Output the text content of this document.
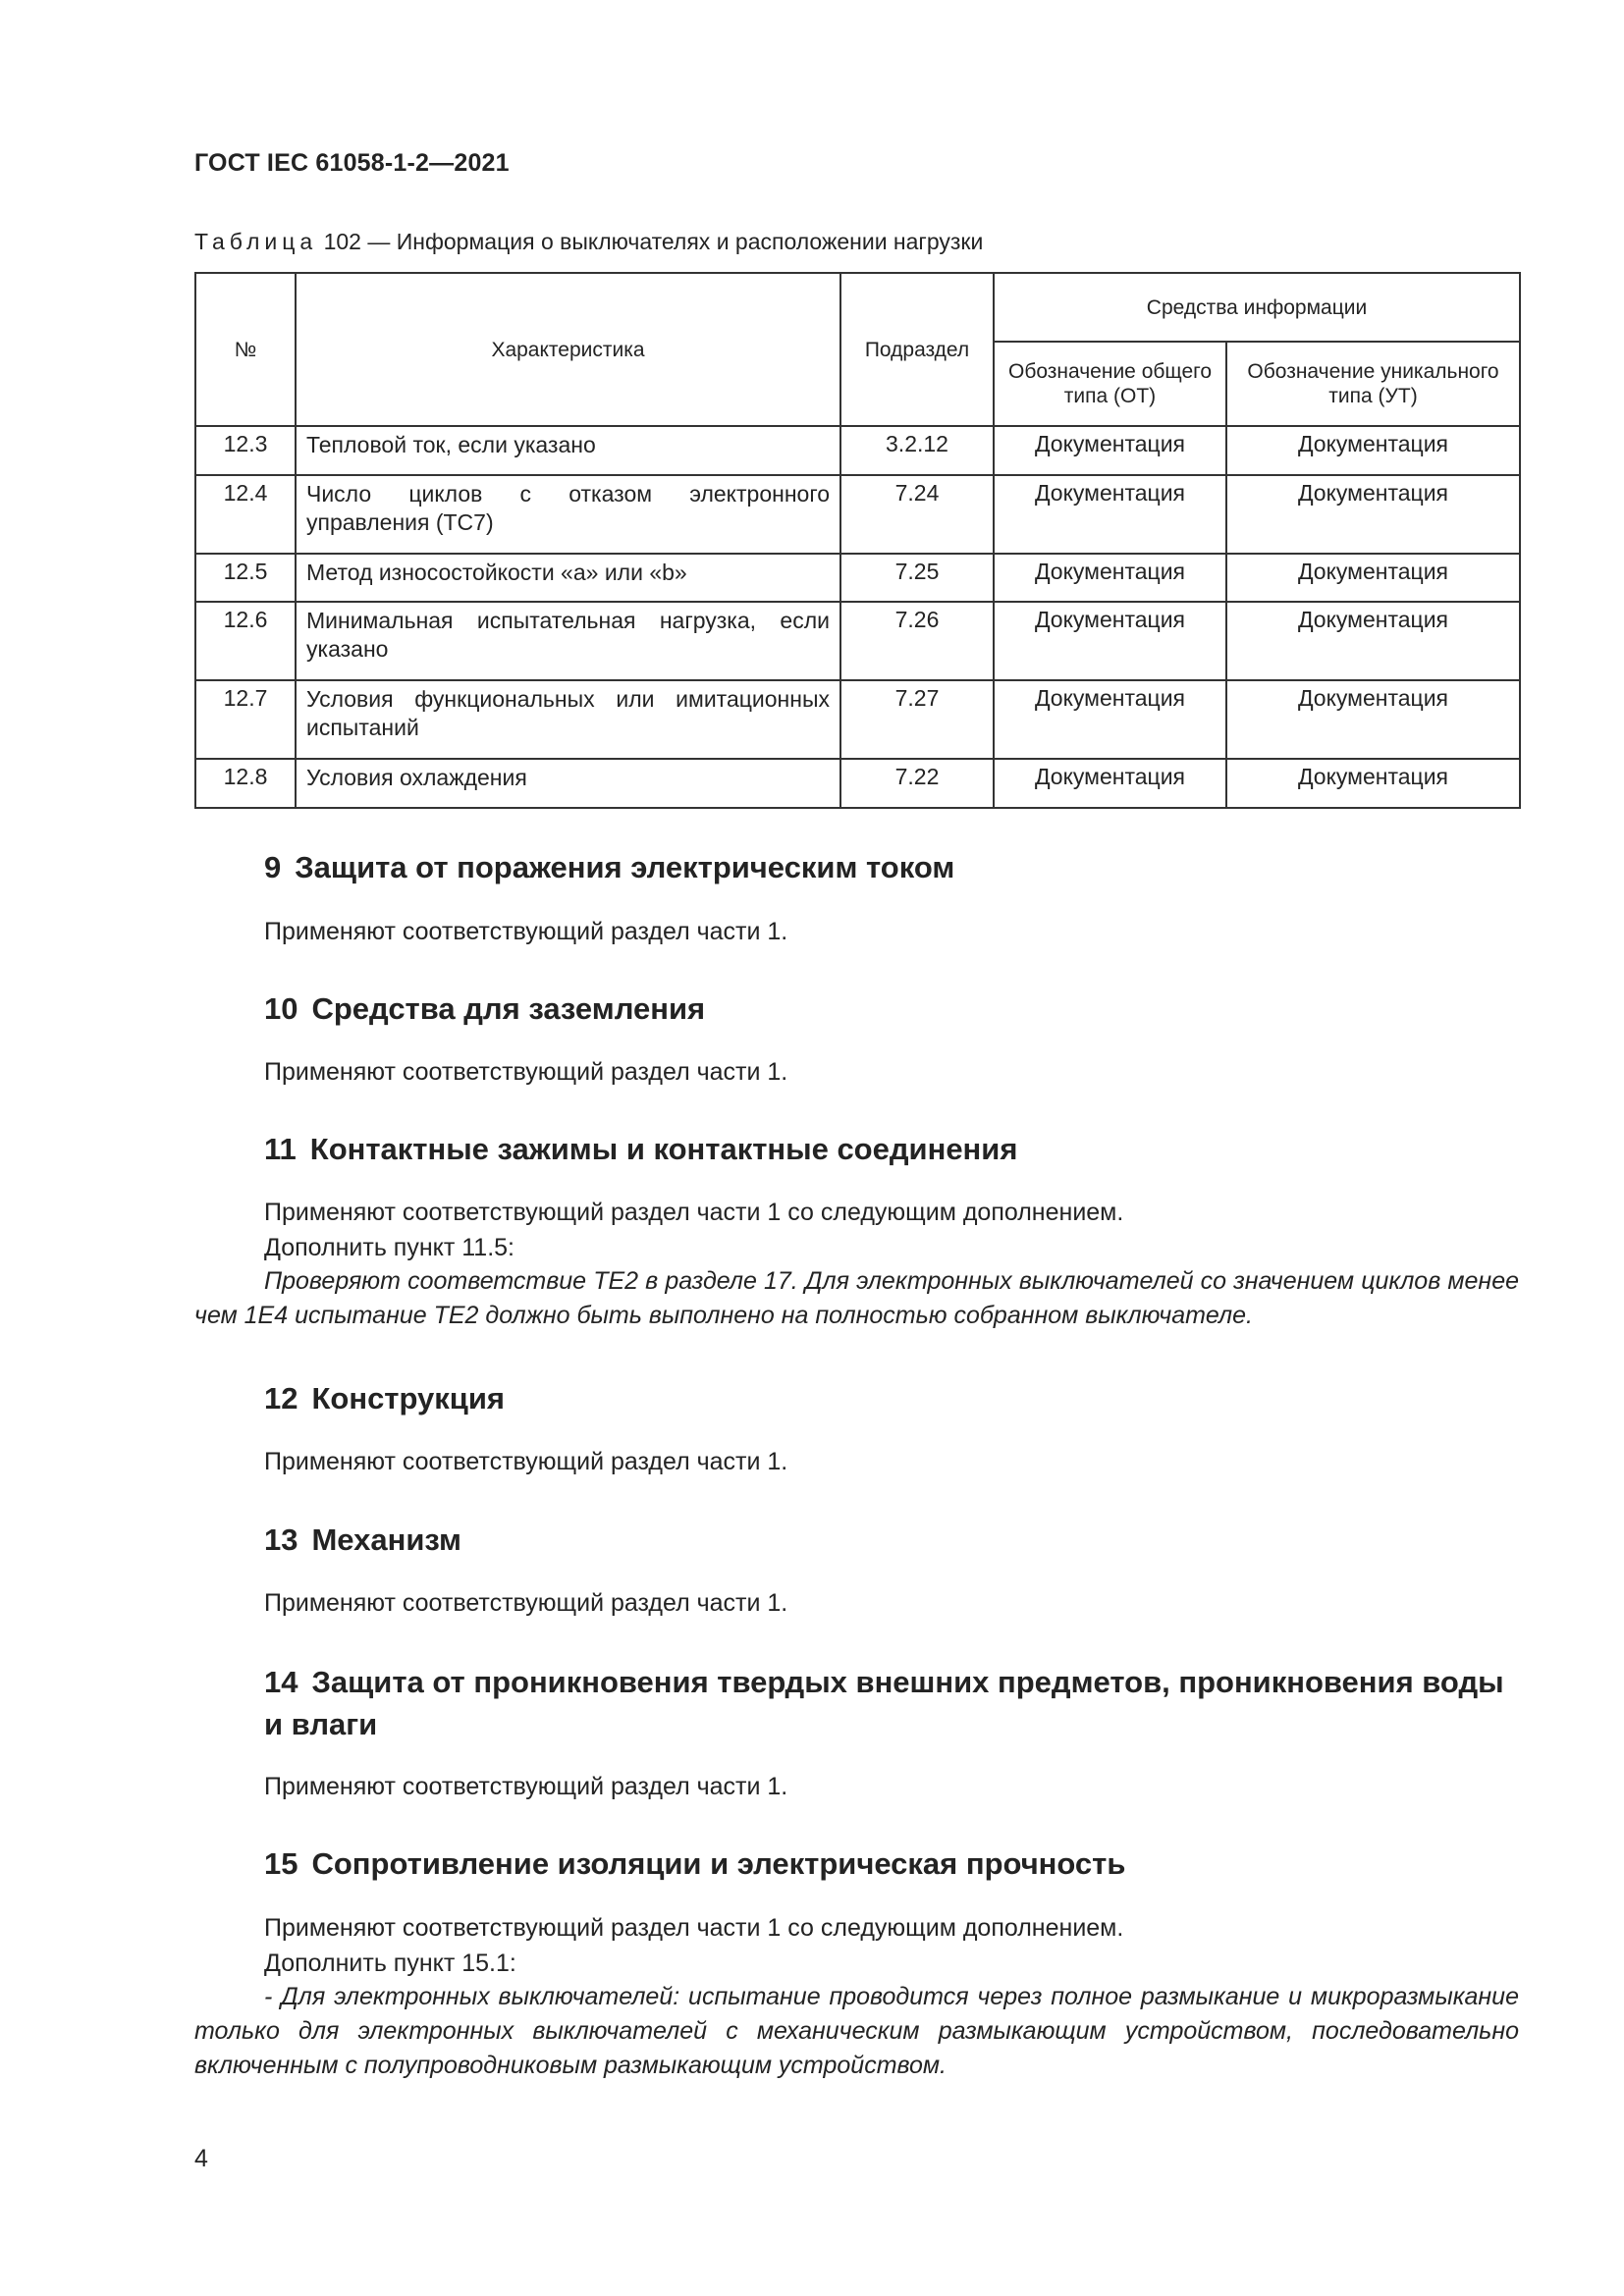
ГОСТ IEC 61058-1-2—2021
Таблица 102 — Информация о выключателях и расположении нагрузки
№	Характеристика	Подраздел	Средства информации	
			Обозначение общего типа (ОТ)	Обозначение уникального типа (УТ)
12.3	Тепловой ток, если указано	3.2.12	Документация	Документация
12.4	Число циклов с отказом электронного управления (TC7)	7.24	Документация	Документация
12.5	Метод износостойкости «а» или «b»	7.25	Документация	Документация
12.6	Минимальная испытательная нагрузка, если указано	7.26	Документация	Документация
12.7	Условия функциональных или имитационных испытаний	7.27	Документация	Документация
12.8	Условия охлаждения	7.22	Документация	Документация
9 Защита от поражения электрическим током
Применяют соответствующий раздел части 1.
10 Средства для заземления
Применяют соответствующий раздел части 1.
11 Контактные зажимы и контактные соединения
Применяют соответствующий раздел части 1 со следующим дополнением.
Дополнить пункт 11.5:
Проверяют соответствие TE2 в разделе 17. Для электронных выключателей со значением циклов менее чем 1E4 испытание TE2 должно быть выполнено на полностью собранном выключателе.
12 Конструкция
Применяют соответствующий раздел части 1.
13 Механизм
Применяют соответствующий раздел части 1.
14 Защита от проникновения твердых внешних предметов, проникновения воды и влаги
Применяют соответствующий раздел части 1.
15 Сопротивление изоляции и электрическая прочность
Применяют соответствующий раздел части 1 со следующим дополнением.
Дополнить пункт 15.1:
- Для электронных выключателей: испытание проводится через полное размыкание и микроразмыкание только для электронных выключателей с механическим размыкающим устройством, последовательно включенным с полупроводниковым размыкающим устройством.
4
